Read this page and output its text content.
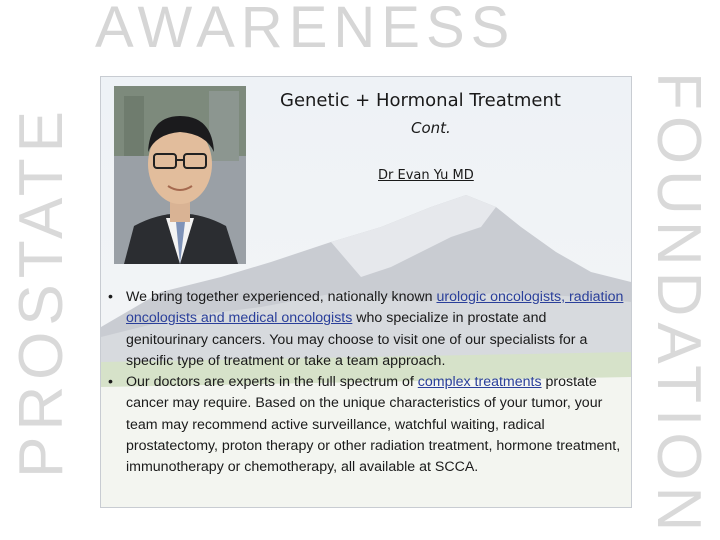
AWARENESS
PROSTATE	FOUNDATION
Genetic + Hormonal Treatment
Cont.
Dr Evan Yu MD
• We bring together experienced, nationally known urologic oncologists, radiation oncologists and medical oncologists who specialize in prostate and genitourinary cancers. You may choose to visit one of our specialists for a specific type of treatment or take a team approach.
• Our doctors are experts in the full spectrum of complex treatments prostate cancer may require. Based on the unique characteristics of your tumor, your team may recommend active surveillance, watchful waiting, radical prostatectomy, proton therapy or other radiation treatment, hormone treatment, immunotherapy or chemotherapy, all available at SCCA.
